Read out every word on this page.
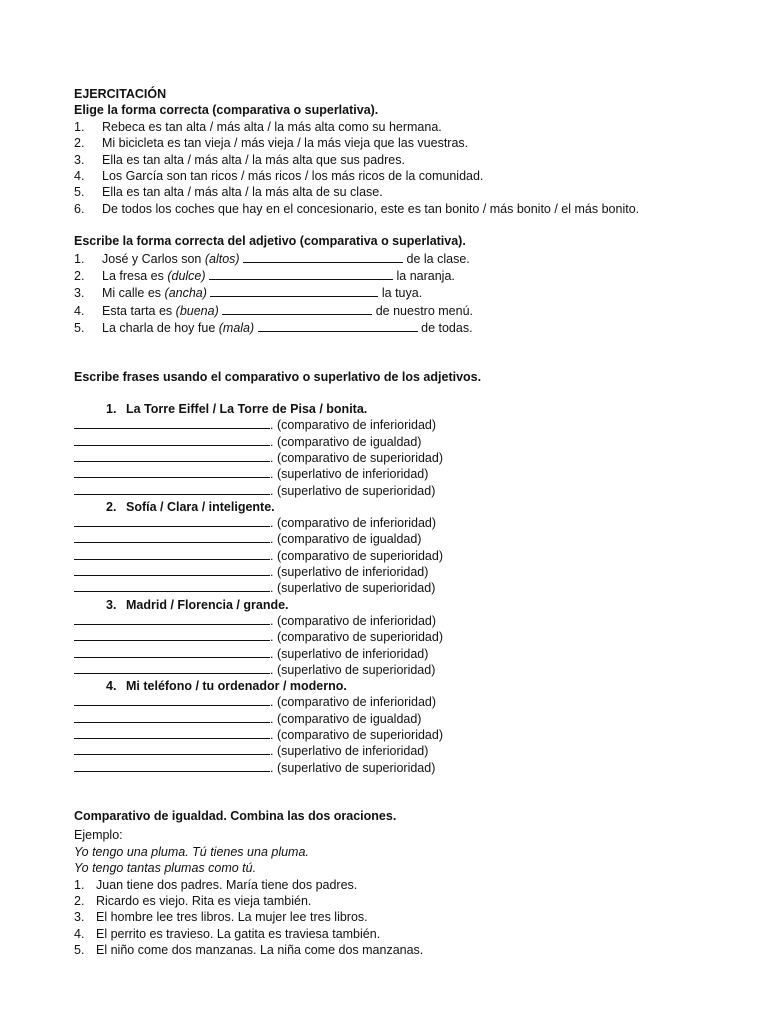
EJERCITACIÓN
Elige la forma correcta (comparativa o superlativa).
1. Rebeca es tan alta / más alta / la más alta como su hermana.
2. Mi bicicleta es tan vieja / más vieja / la más vieja que las vuestras.
3. Ella es tan alta / más alta / la más alta que sus padres.
4. Los García son tan ricos / más ricos / los más ricos de la comunidad.
5. Ella es tan alta / más alta / la más alta de su clase.
6. De todos los coches que hay en el concesionario, este es tan bonito / más bonito / el más bonito.
Escribe la forma correcta del adjetivo (comparativa o superlativa).
1. José y Carlos son (altos)	de la clase.
2. La fresa es (dulce)	la naranja.
3. Mi calle es (ancha)	la tuya.
4. Esta tarta es (buena)	de nuestro menú.
5. La charla de hoy fue (mala)	de todas.
Escribe frases usando el comparativo o superlativo de los adjetivos.
1. La Torre Eiffel / La Torre de Pisa / bonita.
. (comparativo de inferioridad)
. (comparativo de igualdad)
. (comparativo de superioridad)
. (superlativo de inferioridad)
. (superlativo de superioridad)
2. Sofía / Clara / inteligente.
. (comparativo de inferioridad)
. (comparativo de igualdad)
. (comparativo de superioridad)
. (superlativo de inferioridad)
. (superlativo de superioridad)
3. Madrid / Florencia / grande.
. (comparativo de inferioridad)
. (comparativo de superioridad)
. (superlativo de inferioridad)
. (superlativo de superioridad)
4. Mi teléfono / tu ordenador / moderno.
. (comparativo de inferioridad)
. (comparativo de igualdad)
. (comparativo de superioridad)
. (superlativo de inferioridad)
. (superlativo de superioridad)
Comparativo de igualdad. Combina las dos oraciones.
Ejemplo:
Yo tengo una pluma. Tú tienes una pluma.
Yo tengo tantas plumas como tú.
1. Juan tiene dos padres. María tiene dos padres.
2. Ricardo es viejo. Rita es vieja también.
3. El hombre lee tres libros. La mujer lee tres libros.
4. El perrito es travieso. La gatita es traviesa también.
5. El niño come dos manzanas. La niña come dos manzanas.
